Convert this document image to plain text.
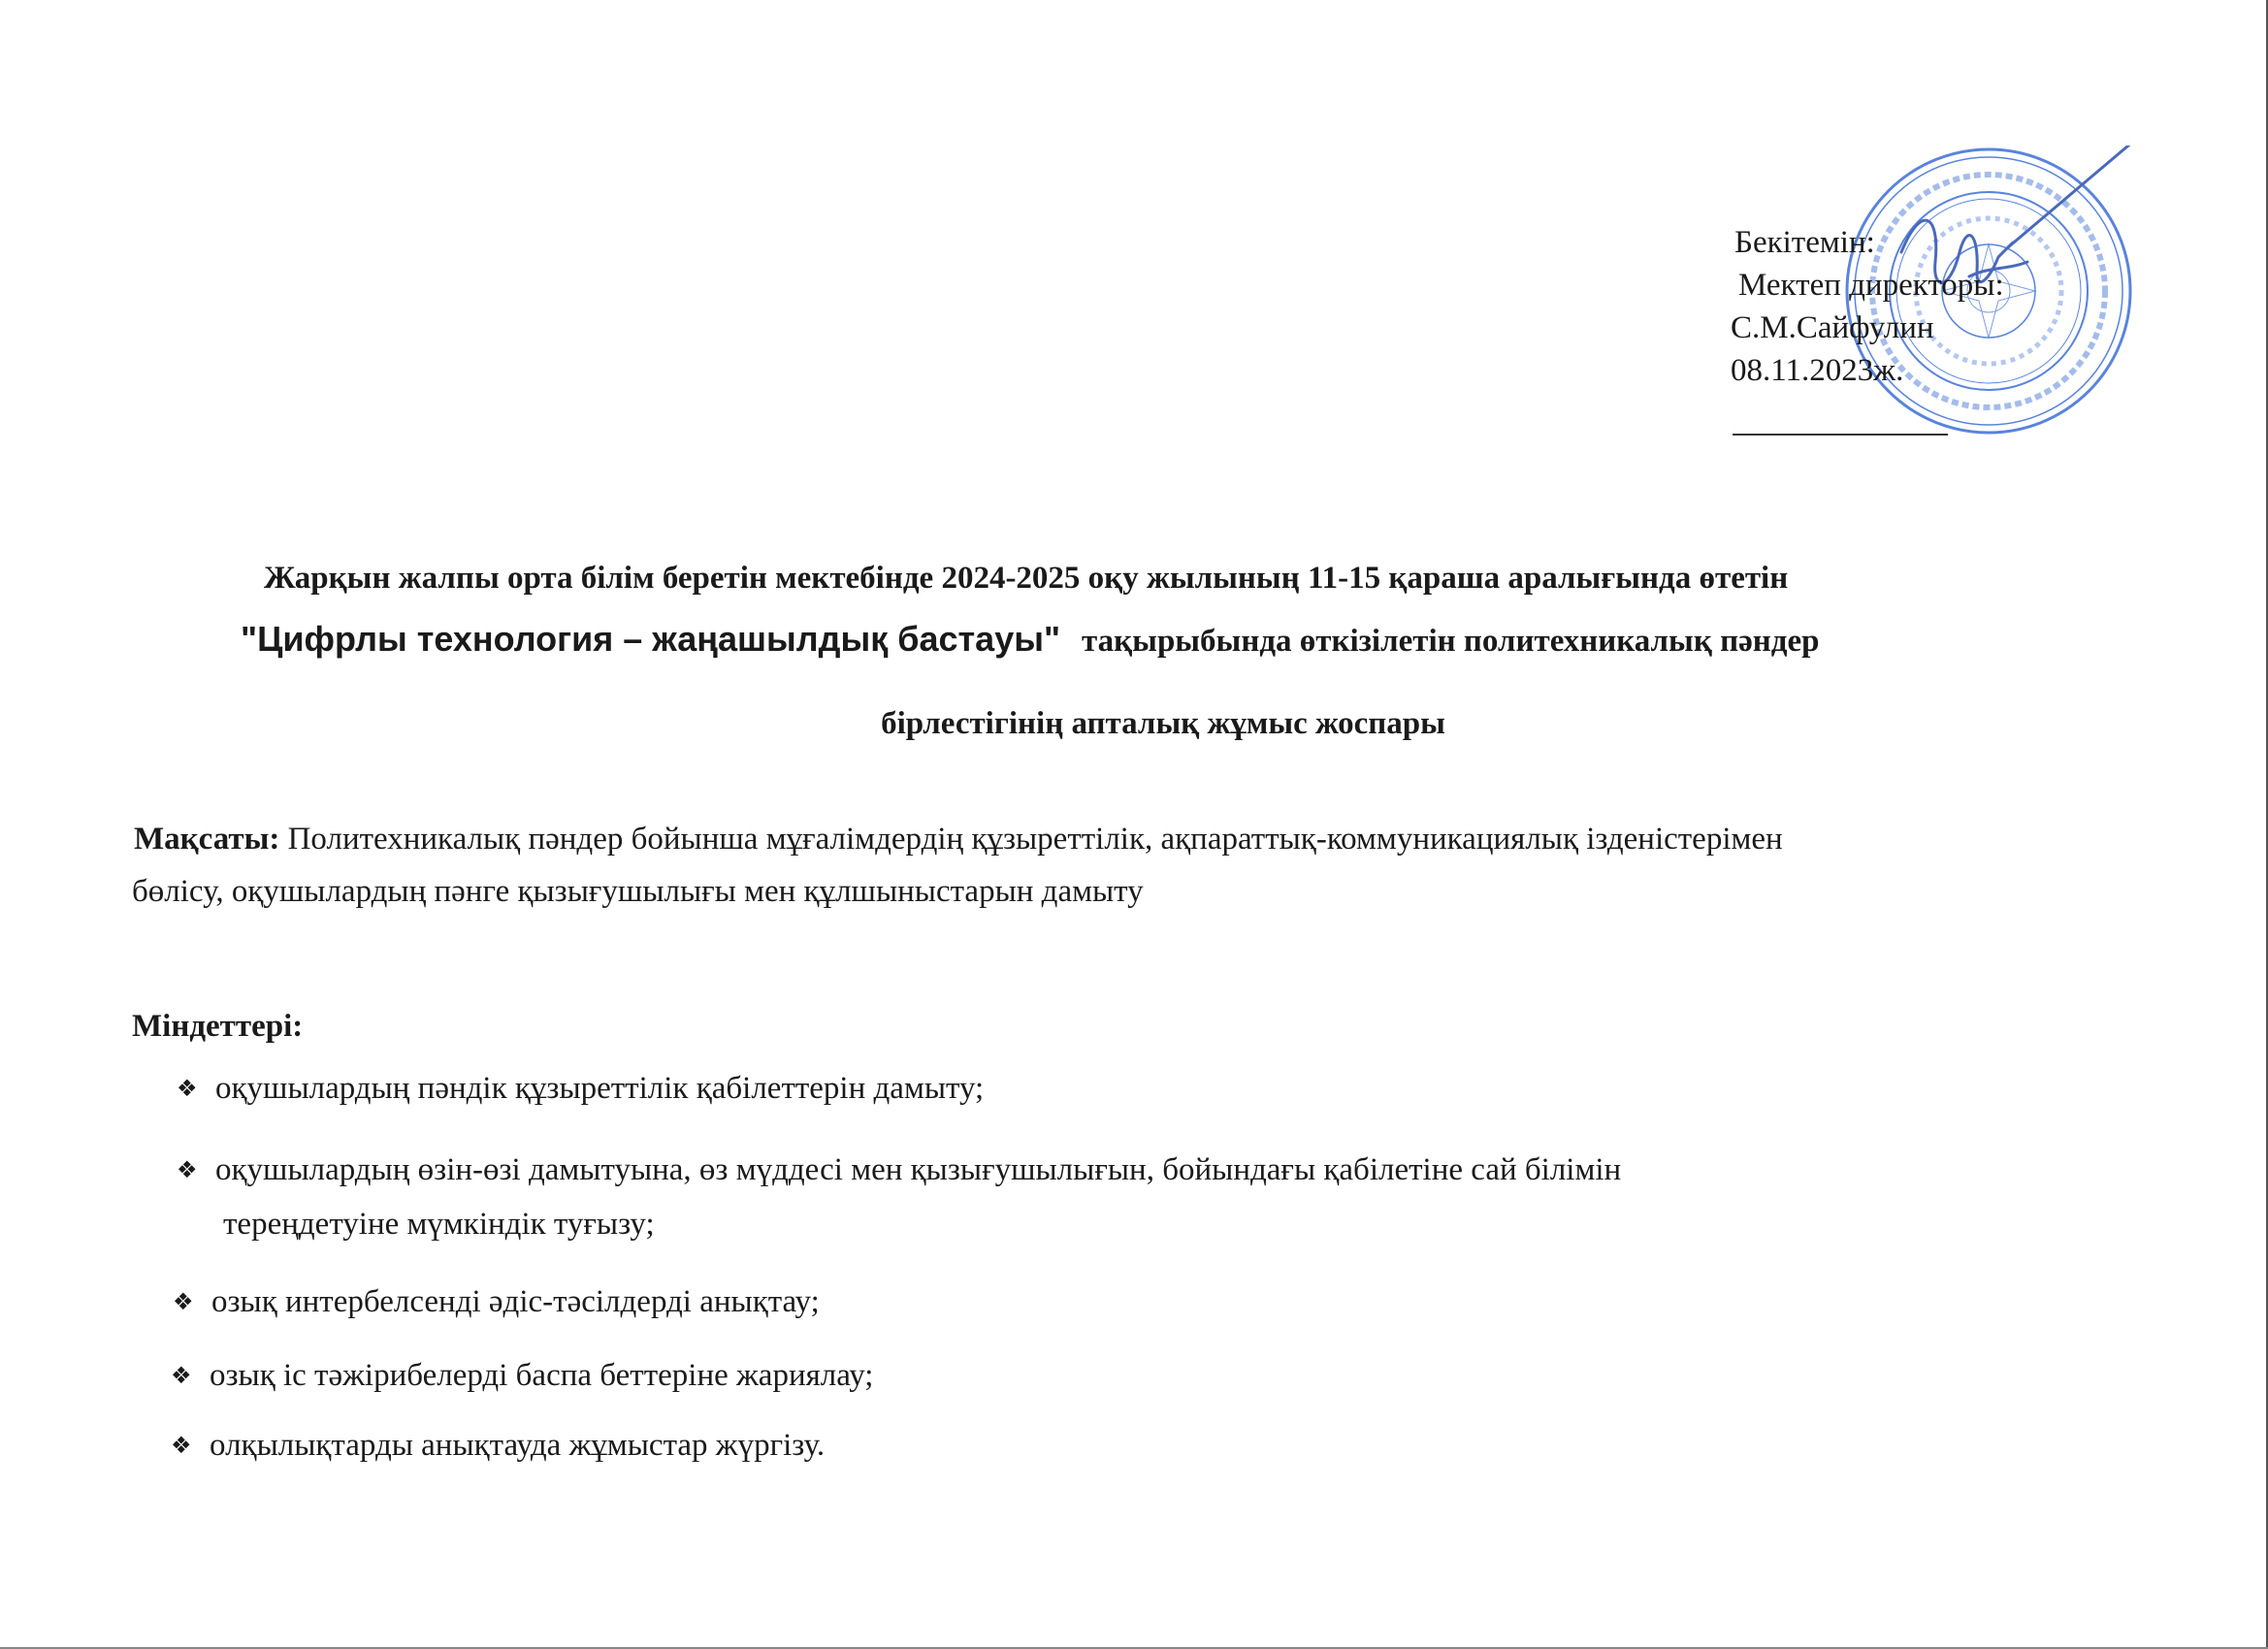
Бекітемін:
Мектеп директоры:
С.М.Сайфулин
08.11.2023ж.
Жарқын жалпы орта білім беретін мектебінде 2024-2025 оқу жылының 11-15 қараша аралығында өтетін
"Цифрлы технология – жаңашылдық бастауы" тақырыбында өткізілетін политехникалық пәндер
бірлестігінің апталық жұмыс жоспары
Мақсаты: Политехникалық пәндер бойынша мұғалімдердің құзыреттілік, ақпараттық-коммуникациялық ізденістерімен
бөлісу, оқушылардың пәнге қызығушылығы мен құлшыныстарын дамыту
Міндеттері:
❖ оқушылардың пәндік құзыреттілік қабілеттерін дамыту;
❖ оқушылардың өзін-өзі дамытуына, өз мүддесі мен қызығушылығын, бойындағы қабілетіне сай білімін
тереңдетуіне мүмкіндік туғызу;
❖ озық интербелсенді әдіс-тәсілдерді анықтау;
❖ озық іс тәжірибелерді баспа беттеріне жариялау;
❖ олқылықтарды анықтауда жұмыстар жүргізу.
